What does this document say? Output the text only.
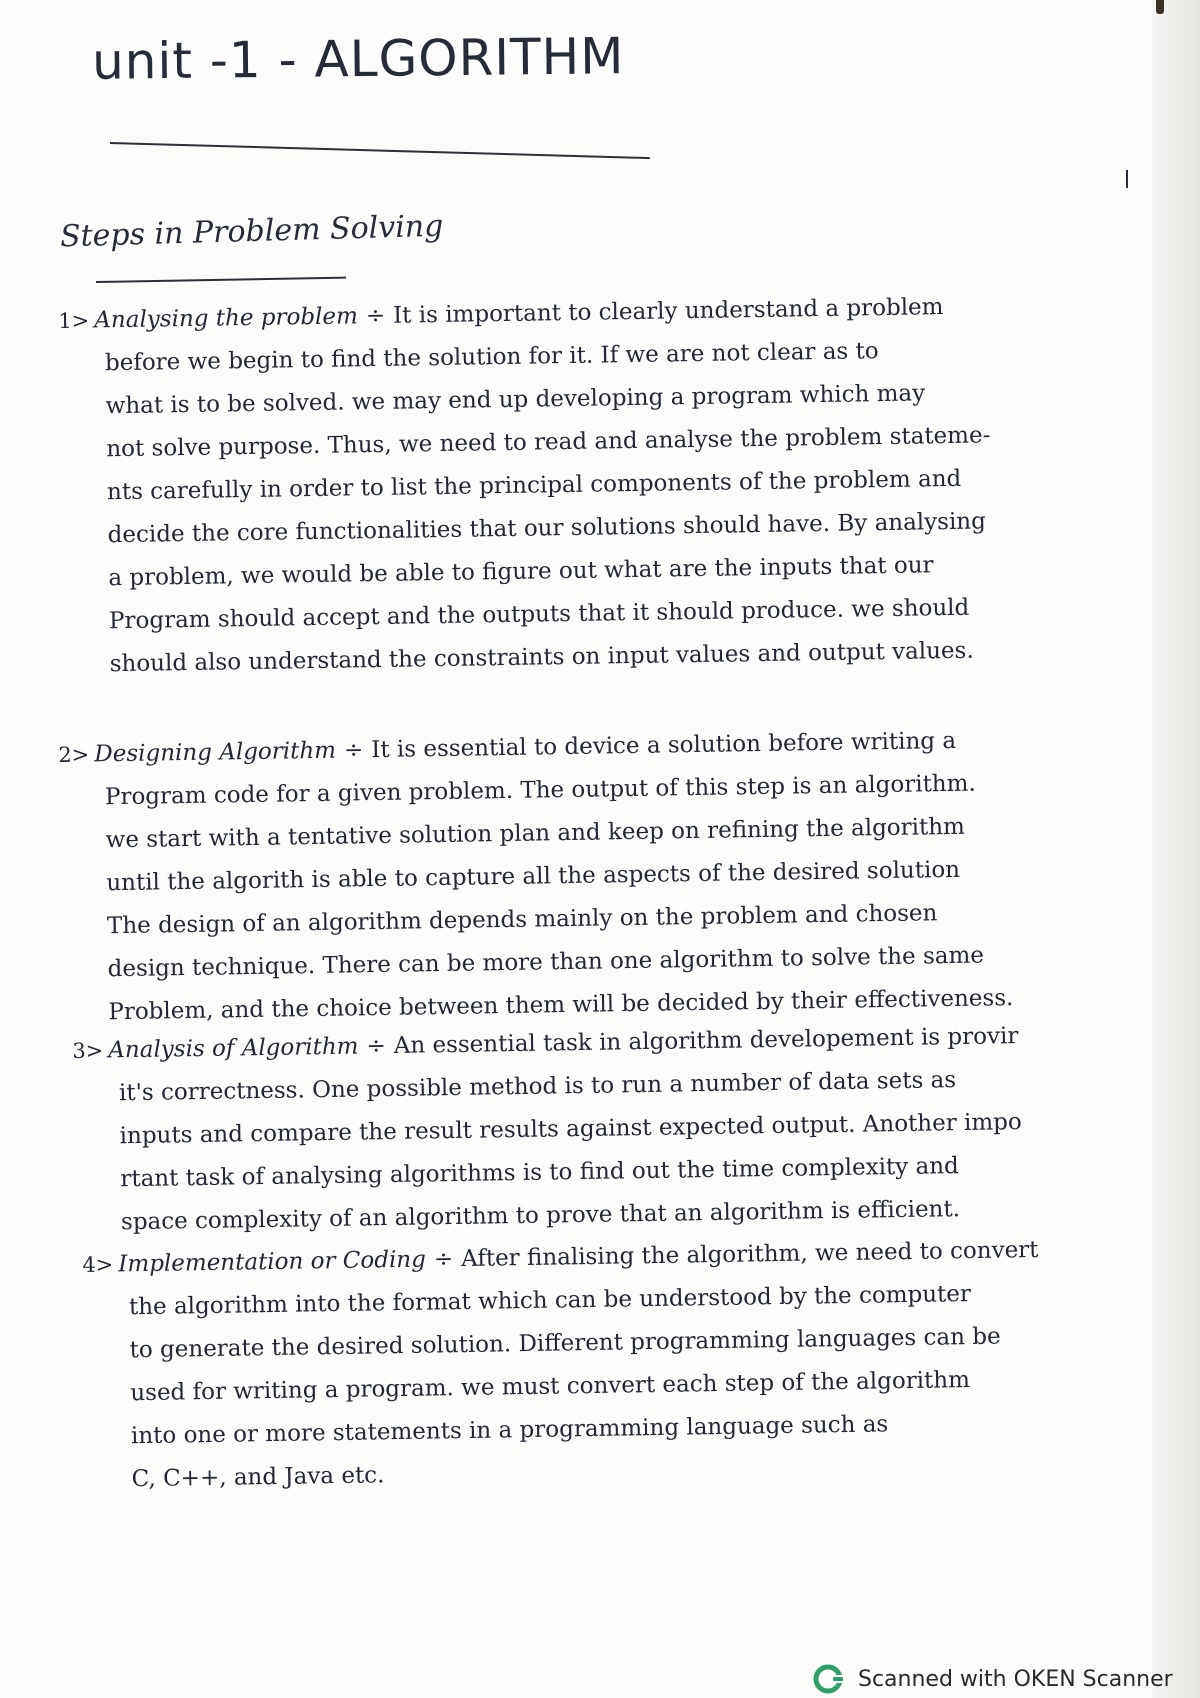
unit -1 - ALGORITHM
Steps in Problem Solving
1> Analysing the problem ÷ It is important to clearly understand a problem
before we begin to find the solution for it. If we are not clear as to
what is to be solved. we may end up developing a program which may
not solve purpose. Thus, we need to read and analyse the problem stateme-
nts carefully in order to list the principal components of the problem and
decide the core functionalities that our solutions should have. By analysing
a problem, we would be able to figure out what are the inputs that our
Program should accept and the outputs that it should produce. we should
should also understand the constraints on input values and output values.
2> Designing Algorithm ÷ It is essential to device a solution before writing a
Program code for a given problem. The output of this step is an algorithm.
we start with a tentative solution plan and keep on refining the algorithm
until the algorith is able to capture all the aspects of the desired solution
The design of an algorithm depends mainly on the problem and chosen
design technique. There can be more than one algorithm to solve the same
Problem, and the choice between them will be decided by their effectiveness.
3> Analysis of Algorithm ÷ An essential task in algorithm developement is provir
it's correctness. One possible method is to run a number of data sets as
inputs and compare the result results against expected output. Another impo
rtant task of analysing algorithms is to find out the time complexity and
space complexity of an algorithm to prove that an algorithm is efficient.
4> Implementation or Coding ÷ After finalising the algorithm, we need to convert
the algorithm into the format which can be understood by the computer
to generate the desired solution. Different programming languages can be
used for writing a program. we must convert each step of the algorithm
into one or more statements in a programming language such as
C, C++, and Java etc.
Scanned with OKEN Scanner
